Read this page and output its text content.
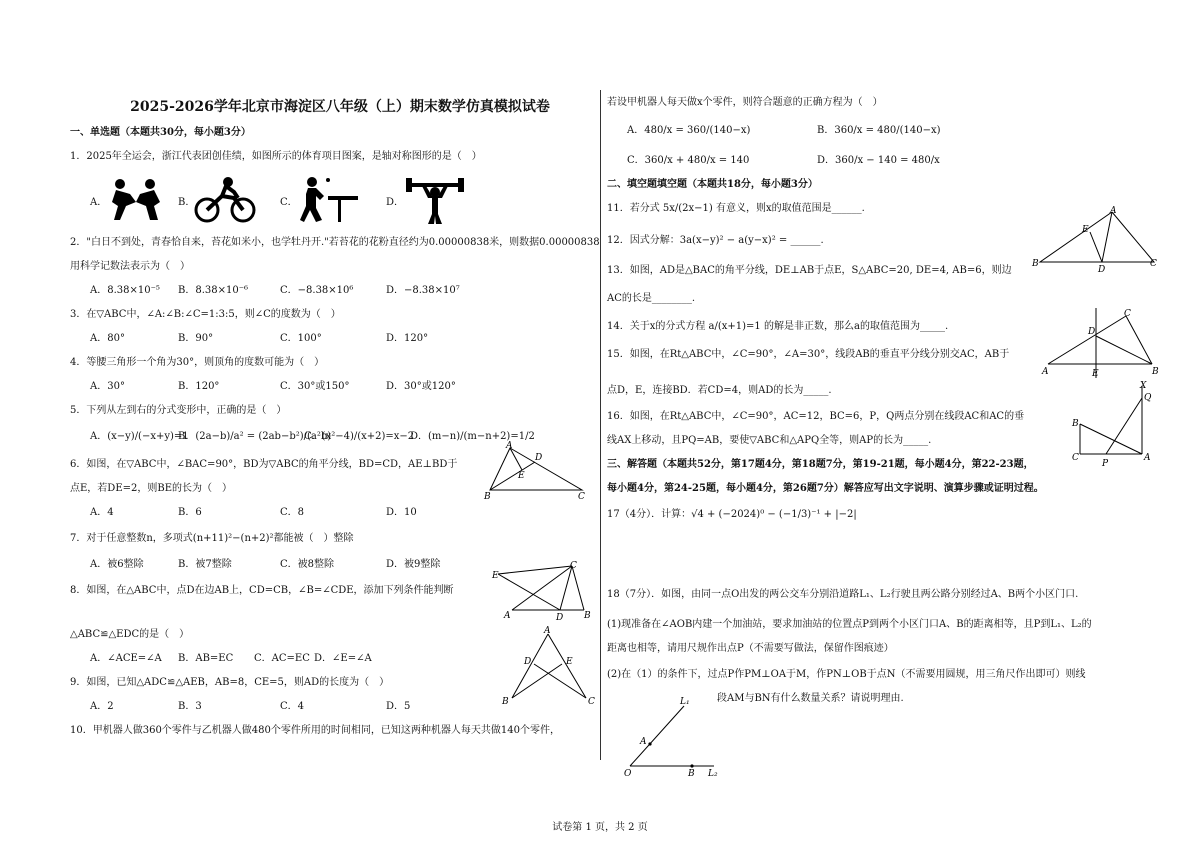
2025-2026学年北京市海淀区八年级（上）期末数学仿真模拟试卷
一、单选题（本题共30分，每小题3分）
1．2025年全运会，浙江代表团创佳绩，如图所示的体育项目图案，是轴对称图形的是（　）
A．	B．	C．	D．
2．"白日不到处，青春恰自来，苔花如米小，也学牡丹开."若苔花的花粉直径约为0.00000838米，则数据0.00000838
用科学记数法表示为（　）
A．8.38×10⁻⁵ B．8.38×10⁻⁶	C．−8.38×10⁶	D．−8.38×10⁷
3．在▽ABC中，∠A:∠B:∠C=1:3:5，则∠C的度数为（　）
A．80°	B．90°	C．100°	D．120°
4．等腰三角形一个角为30°，则顶角的度数可能为（　）
A．30°	B．120°	C．30°或150°	D．30°或120°
5．下列从左到右的分式变形中，正确的是（　）
A．(x−y)/(−x+y)=1
B．(2a−b)/a² = (2ab−b²)/(a²b)
C．(x²−4)/(x+2)=x−2
D．(m−n)/(m−n+2)=1/2
6．如图，在▽ABC中，∠BAC=90°，BD为▽ABC的角平分线，BD=CD，AE⊥BD于
点E，若DE=2，则BE的长为（　）
A．4	B．6	C．8	D．10
7．对于任意整数n，多项式(n+11)²−(n+2)²都能被（　）整除
A．被6整除	B．被7整除	C．被8整除	D．被9整除
8．如图，在△ABC中，点D在边AB上，CD=CB，∠B=∠CDE，添加下列条件能判断
△ABC≌△EDC的是（　）
A．∠ACE=∠A B．AB=EC C．AC=EC D．∠E=∠A
9．如图，已知△ADC≌△AEB，AB=8，CE=5，则AD的长度为（　）
A．2	B．3	C．4	D．5
10．甲机器人做360个零件与乙机器人做480个零件所用的时间相同，已知这两种机器人每天共做140个零件，
A
B	C
D
E
E
C
A	D B
A
D	E
B	C
若设甲机器人每天做x个零件，则符合题意的正确方程为（　）
A．480/x = 360/(140−x)	B．360/x = 480/(140−x)
C．360/x + 480/x = 140	D．360/x − 140 = 480/x
二、填空题填空题（本题共18分，每小题3分）
11．若分式 5x/(2x−1) 有意义，则x的取值范围是______.
12．因式分解：3a(x−y)² − a(y−x)² = ______.
13．如图，AD是△BAC的角平分线，DE⊥AB于点E，S△ABC=20, DE=4, AB=6，则边
AC的长是________.
14．关于x的分式方程 a/(x+1)=1 的解是非正数，那么a的取值范围为_____.
15．如图，在Rt△ABC中，∠C=90°，∠A=30°，线段AB的垂直平分线分别交AC，AB于
点D，E，连接BD．若CD=4，则AD的长为_____.
16．如图，在Rt△ABC中，∠C=90°，AC=12，BC=6，P，Q两点分别在线段AC和AC的垂
线AX上移动，且PQ=AB，要使▽ABC和△APQ全等，则AP的长为_____.
三、解答题（本题共52分，第17题4分，第18题7分，第19-21题，每小题4分，第22-23题，
每小题4分，第24-25题，每小题4分，第26题7分）解答应写出文字说明、演算步骤或证明过程。
17（4分）．计算：√4 + (−2024)⁰ − (−1/3)⁻¹ + |−2|
18（7分）．如图，由同一点O出发的两公交车分别沿道路L₁、L₂行驶且两公路分别经过A、B两个小区门口.
(1)现准备在∠AOB内建一个加油站，要求加油站的位置点P到两个小区门口A、B的距离相等，且P到L₁、L₂的
距离也相等，请用尺规作出点P（不需要写做法，保留作图痕迹）
(2)在（1）的条件下，过点P作PM⊥OA于M，作PN⊥OB于点N（不需要用圆规，用三角尺作出即可）则线
段AM与BN有什么数量关系？请说明理由.
A
E
B
D
C
C
D
A	E	B
C
B
P
A
Q
X
L₁
L₂
A
B
O
试卷第 1 页，共 2 页
